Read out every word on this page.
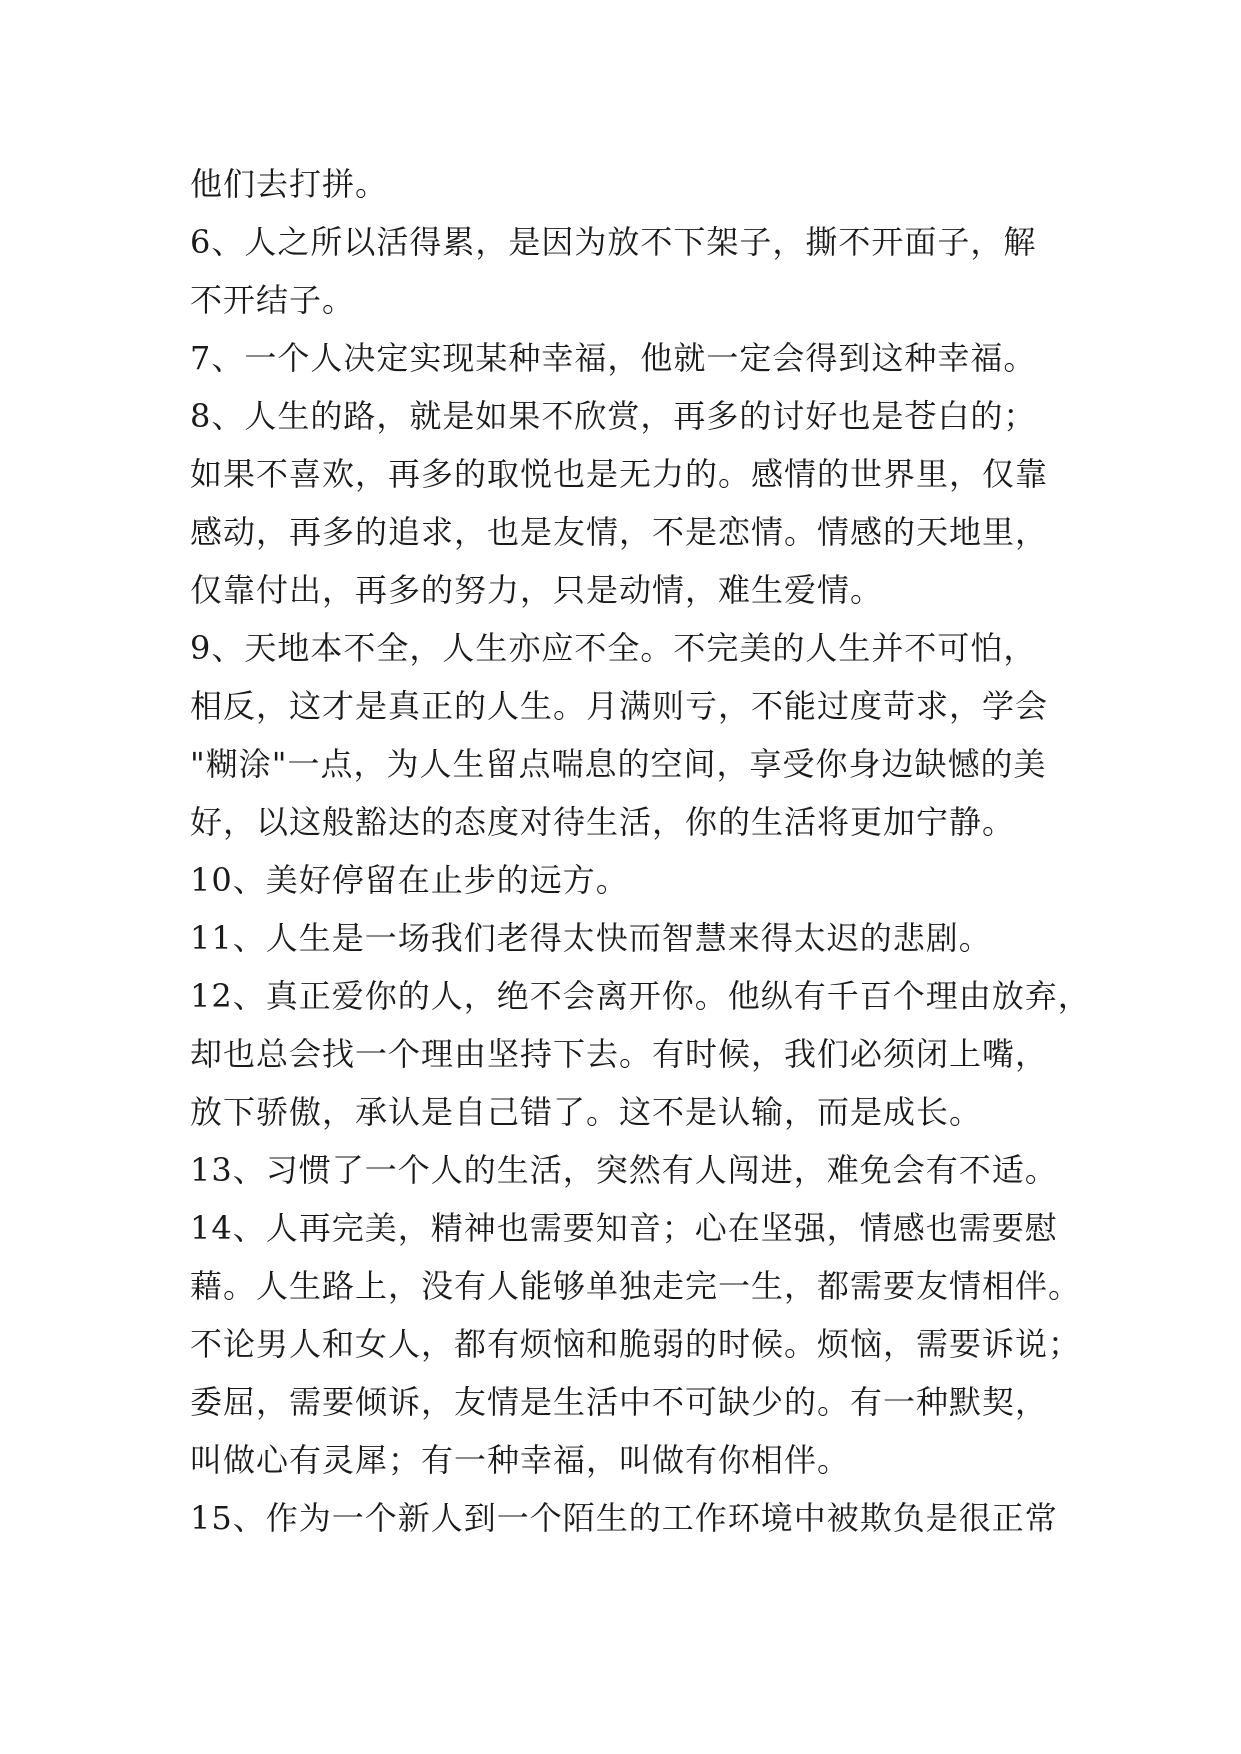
他们去打拼。
6、人之所以活得累，是因为放不下架子，撕不开面子，解
不开结子。
7、一个人决定实现某种幸福，他就一定会得到这种幸福。
8、人生的路，就是如果不欣赏，再多的讨好也是苍白的；
如果不喜欢，再多的取悦也是无力的。感情的世界里，仅靠
感动，再多的追求，也是友情，不是恋情。情感的天地里，
仅靠付出，再多的努力，只是动情，难生爱情。
9、天地本不全，人生亦应不全。不完美的人生并不可怕，
相反，这才是真正的人生。月满则亏，不能过度苛求，学会
"糊涂"一点，为人生留点喘息的空间，享受你身边缺憾的美
好，以这般豁达的态度对待生活，你的生活将更加宁静。
10、美好停留在止步的远方。
11、人生是一场我们老得太快而智慧来得太迟的悲剧。
12、真正爱你的人，绝不会离开你。他纵有千百个理由放弃，
却也总会找一个理由坚持下去。有时候，我们必须闭上嘴，
放下骄傲，承认是自己错了。这不是认输，而是成长。
13、习惯了一个人的生活，突然有人闯进，难免会有不适。
14、人再完美，精神也需要知音；心在坚强，情感也需要慰
藉。人生路上，没有人能够单独走完一生，都需要友情相伴。
不论男人和女人，都有烦恼和脆弱的时候。烦恼，需要诉说；
委屈，需要倾诉，友情是生活中不可缺少的。有一种默契，
叫做心有灵犀；有一种幸福，叫做有你相伴。
15、作为一个新人到一个陌生的工作环境中被欺负是很正常
